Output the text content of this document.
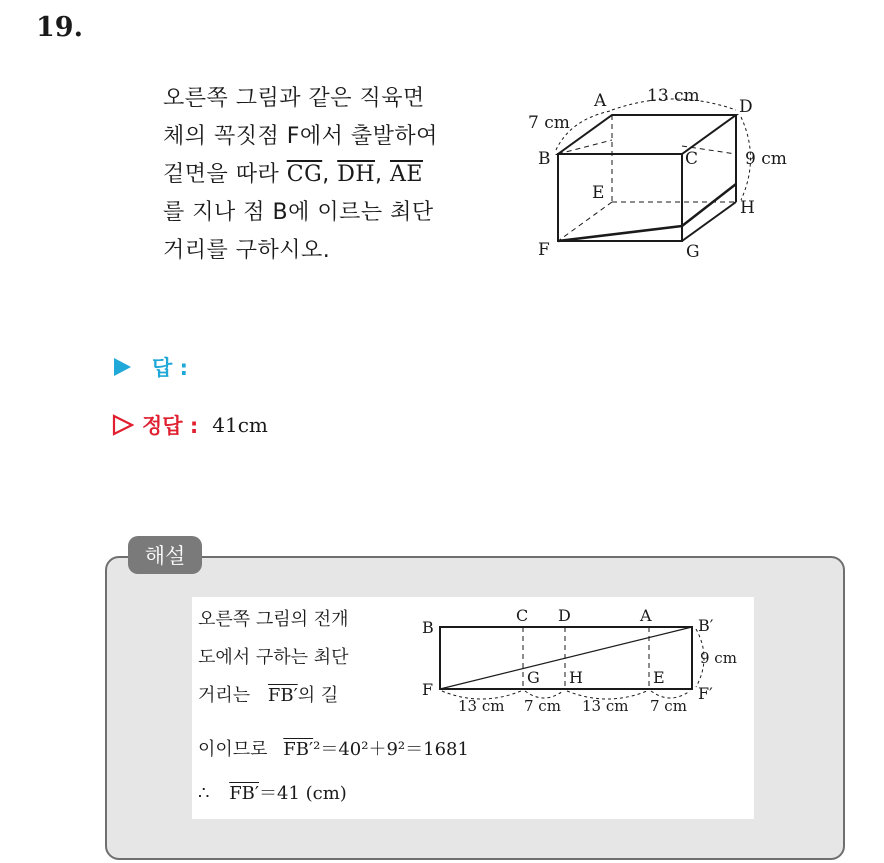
19.
오른쪽 그림과 같은 직육면
체의 꼭짓점 F에서 출발하여
겉면을 따라 $\overline{CG}$, $\overline{DH}$, $\overline{AE}$
를 지나 점 B에 이르는 최단
거리를 구하시오.
A	D
B	C
E
H
F	G
13 cm
7 cm
9 cm
답 :
정답 : 41cm
해설
오른쪽 그림의 전개
도에서 구하는 최단
거리는 FB′의 길
이이므로 FB′²＝40²＋9²＝1681
∴ FB′＝41 (cm)
B
C D	A
B′
F
G H	E
F′
13 cm 7 cm 13 cm 7 cm
9 cm
